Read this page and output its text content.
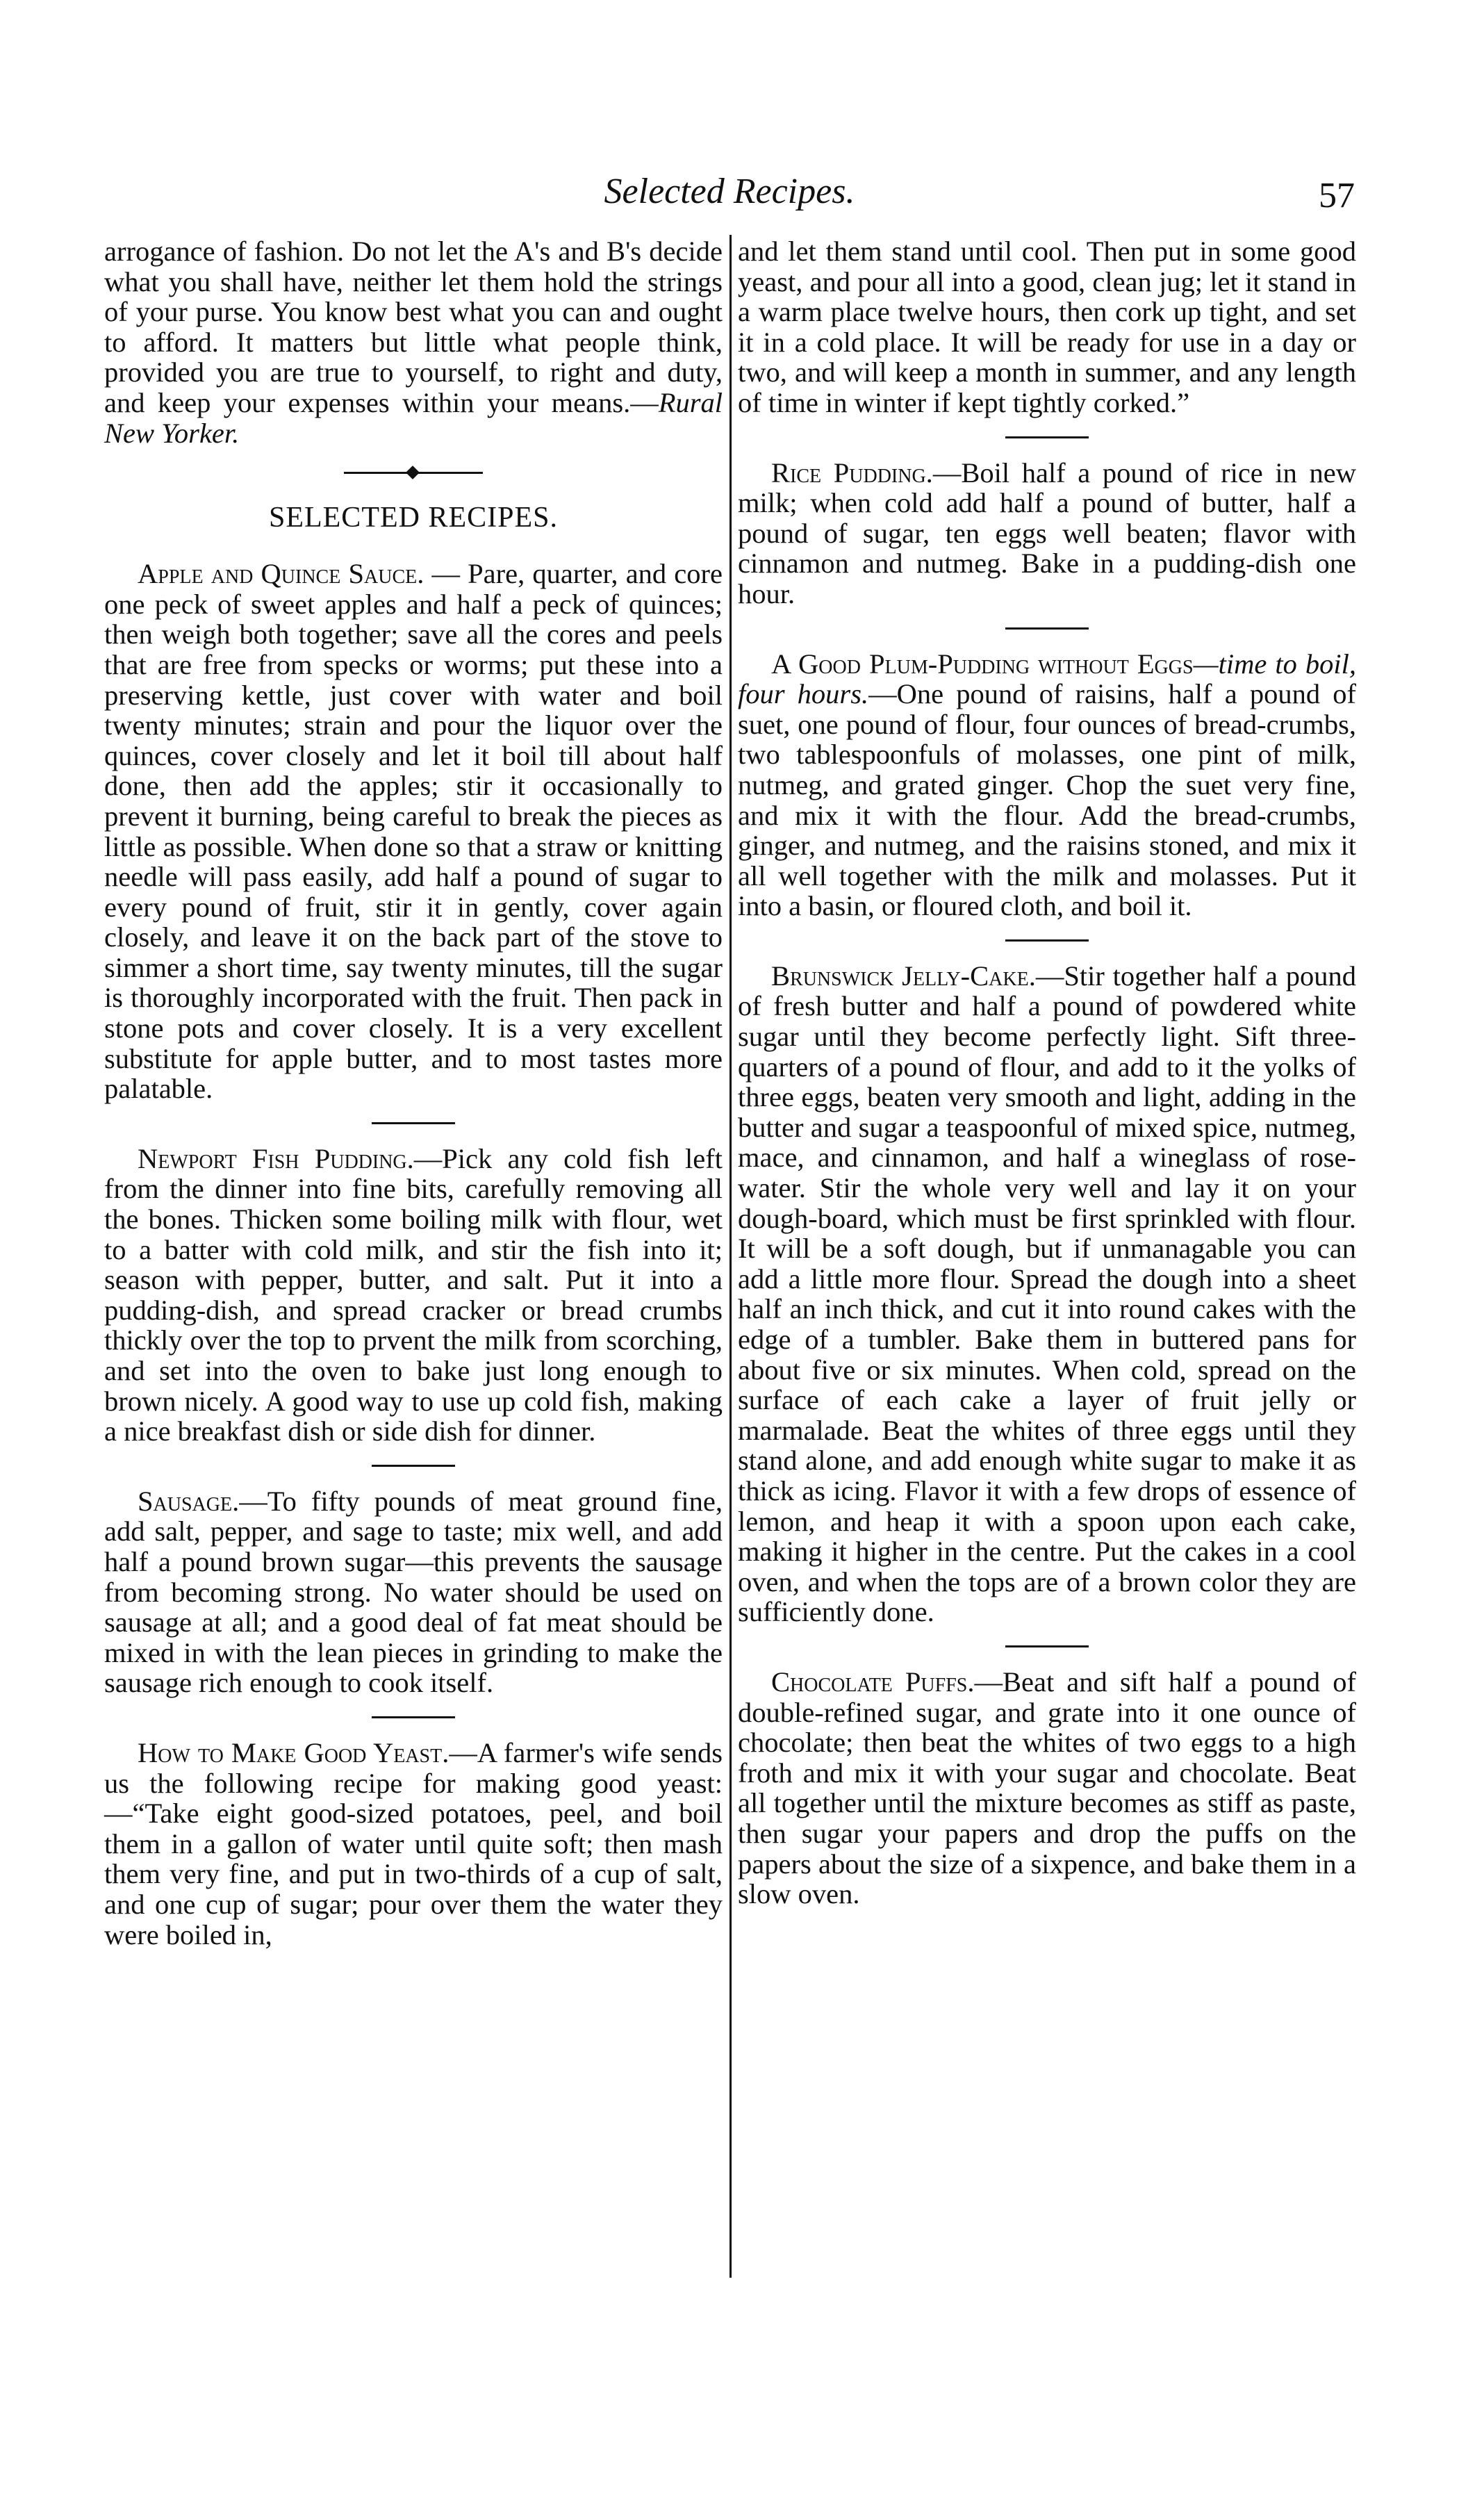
Selected Recipes.	57

arrogance of fashion. Do not let the A's and B's decide what you shall have, neither let them hold the strings of your purse. You know best what you can and ought to afford. It matters but little what people think, provided you are true to yourself, to right and duty, and keep your expenses within your means.—Rural New Yorker.

SELECTED RECIPES.

Apple and Quince Sauce. — Pare, quarter, and core one peck of sweet apples and half a peck of quinces; then weigh both together; save all the cores and peels that are free from specks or worms; put these into a preserving kettle, just cover with water and boil twenty minutes; strain and pour the liquor over the quinces, cover closely and let it boil till about half done, then add the apples; stir it occasionally to prevent it burning, being careful to break the pieces as little as possible. When done so that a straw or knitting needle will pass easily, add half a pound of sugar to every pound of fruit, stir it in gently, cover again closely, and leave it on the back part of the stove to simmer a short time, say twenty minutes, till the sugar is thoroughly incorporated with the fruit. Then pack in stone pots and cover closely. It is a very excellent substitute for apple butter, and to most tastes more palatable.

Newport Fish Pudding.—Pick any cold fish left from the dinner into fine bits, carefully removing all the bones. Thicken some boiling milk with flour, wet to a batter with cold milk, and stir the fish into it; season with pepper, butter, and salt. Put it into a pudding-dish, and spread cracker or bread crumbs thickly over the top to prvent the milk from scorching, and set into the oven to bake just long enough to brown nicely. A good way to use up cold fish, making a nice breakfast dish or side dish for dinner.

Sausage.—To fifty pounds of meat ground fine, add salt, pepper, and sage to taste; mix well, and add half a pound brown sugar—this prevents the sausage from becoming strong. No water should be used on sausage at all; and a good deal of fat meat should be mixed in with the lean pieces in grinding to make the sausage rich enough to cook itself.

How to Make Good Yeast.—A farmer's wife sends us the following recipe for making good yeast:—“Take eight good-sized potatoes, peel, and boil them in a gallon of water until quite soft; then mash them very fine, and put in two-thirds of a cup of salt, and one cup of sugar; pour over them the water they were boiled in,

and let them stand until cool. Then put in some good yeast, and pour all into a good, clean jug; let it stand in a warm place twelve hours, then cork up tight, and set it in a cold place. It will be ready for use in a day or two, and will keep a month in summer, and any length of time in winter if kept tightly corked.”

Rice Pudding.—Boil half a pound of rice in new milk; when cold add half a pound of butter, half a pound of sugar, ten eggs well beaten; flavor with cinnamon and nutmeg. Bake in a pudding-dish one hour.

A Good Plum-Pudding without Eggs—time to boil, four hours.—One pound of raisins, half a pound of suet, one pound of flour, four ounces of bread-crumbs, two tablespoonfuls of molasses, one pint of milk, nutmeg, and grated ginger. Chop the suet very fine, and mix it with the flour. Add the bread-crumbs, ginger, and nutmeg, and the raisins stoned, and mix it all well together with the milk and molasses. Put it into a basin, or floured cloth, and boil it.

Brunswick Jelly-Cake.—Stir together half a pound of fresh butter and half a pound of powdered white sugar until they become perfectly light. Sift three-quarters of a pound of flour, and add to it the yolks of three eggs, beaten very smooth and light, adding in the butter and sugar a teaspoonful of mixed spice, nutmeg, mace, and cinnamon, and half a wineglass of rose-water. Stir the whole very well and lay it on your dough-board, which must be first sprinkled with flour. It will be a soft dough, but if unmanagable you can add a little more flour. Spread the dough into a sheet half an inch thick, and cut it into round cakes with the edge of a tumbler. Bake them in buttered pans for about five or six minutes. When cold, spread on the surface of each cake a layer of fruit jelly or marmalade. Beat the whites of three eggs until they stand alone, and add enough white sugar to make it as thick as icing. Flavor it with a few drops of essence of lemon, and heap it with a spoon upon each cake, making it higher in the centre. Put the cakes in a cool oven, and when the tops are of a brown color they are sufficiently done.

Chocolate Puffs.—Beat and sift half a pound of double-refined sugar, and grate into it one ounce of chocolate; then beat the whites of two eggs to a high froth and mix it with your sugar and chocolate. Beat all together until the mixture becomes as stiff as paste, then sugar your papers and drop the puffs on the papers about the size of a sixpence, and bake them in a slow oven.
